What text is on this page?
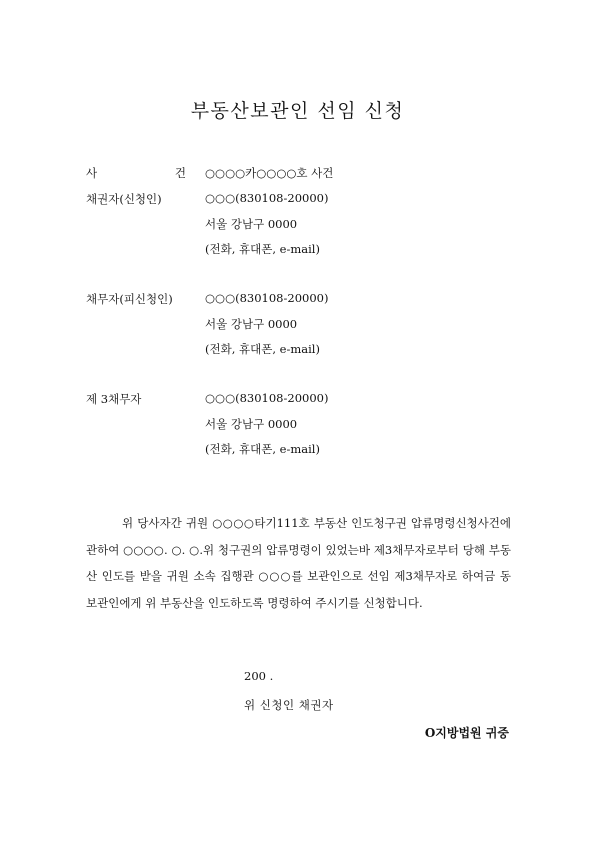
부동산보관인 선임 신청
사	건 ○○○○카○○○○호 사건
채권자(신청인)	○○○(830108-20000)
서울 강남구 0000
(전화, 휴대폰, e-mail)
채무자(피신청인)	○○○(830108-20000)
서울 강남구 0000
(전화, 휴대폰, e-mail)
제 3채무자	○○○(830108-20000)
서울 강남구 0000
(전화, 휴대폰, e-mail)
위 당사자간 귀원 ○○○○타기111호 부동산 인도청구권 압류명령신청사건에 관하여 ○○○○. ○. ○.위 청구권의 압류명령이 있었는바 제3채무자로부터 당해 부동산 인도를 받을 귀원 소속 집행관 ○○○를 보관인으로 선임 제3채무자로 하여금 동 보관인에게 위 부동산을 인도하도록 명령하여 주시기를 신청합니다.
200 .
위 신청인 채권자
O지방법원 귀중
